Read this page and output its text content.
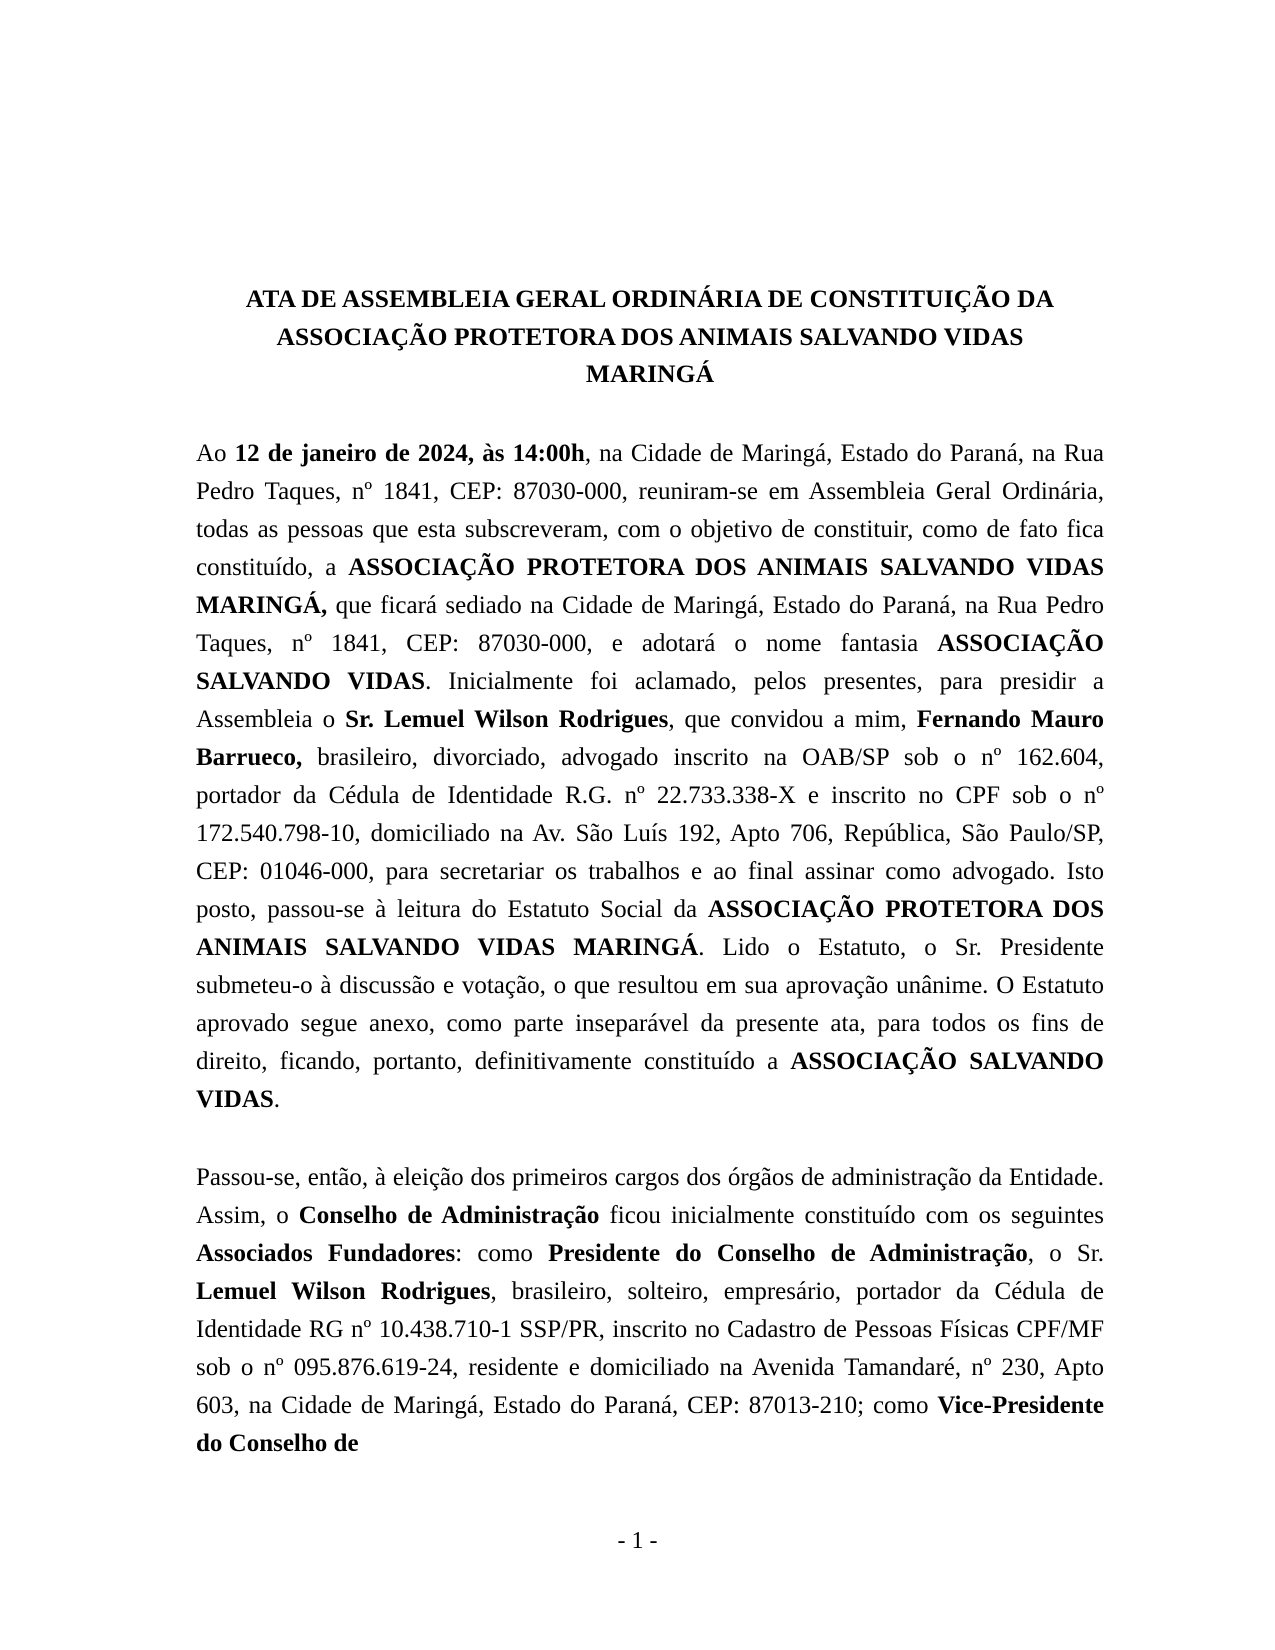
ATA DE ASSEMBLEIA GERAL ORDINÁRIA DE CONSTITUIÇÃO DA
ASSOCIAÇÃO PROTETORA DOS ANIMAIS SALVANDO VIDAS
MARINGÁ

Ao 12 de janeiro de 2024, às 14:00h, na Cidade de Maringá, Estado do Paraná, na Rua Pedro Taques, nº 1841, CEP: 87030-000, reuniram-se em Assembleia Geral Ordinária, todas as pessoas que esta subscreveram, com o objetivo de constituir, como de fato fica constituído, a ASSOCIAÇÃO PROTETORA DOS ANIMAIS SALVANDO VIDAS MARINGÁ, que ficará sediado na Cidade de Maringá, Estado do Paraná, na Rua Pedro Taques, nº 1841, CEP: 87030-000, e adotará o nome fantasia ASSOCIAÇÃO SALVANDO VIDAS. Inicialmente foi aclamado, pelos presentes, para presidir a Assembleia o Sr. Lemuel Wilson Rodrigues, que convidou a mim, Fernando Mauro Barrueco, brasileiro, divorciado, advogado inscrito na OAB/SP sob o nº 162.604, portador da Cédula de Identidade R.G. nº 22.733.338-X e inscrito no CPF sob o nº 172.540.798-10, domiciliado na Av. São Luís 192, Apto 706, República, São Paulo/SP, CEP: 01046-000, para secretariar os trabalhos e ao final assinar como advogado. Isto posto, passou-se à leitura do Estatuto Social da ASSOCIAÇÃO PROTETORA DOS ANIMAIS SALVANDO VIDAS MARINGÁ. Lido o Estatuto, o Sr. Presidente submeteu-o à discussão e votação, o que resultou em sua aprovação unânime. O Estatuto aprovado segue anexo, como parte inseparável da presente ata, para todos os fins de direito, ficando, portanto, definitivamente constituído a ASSOCIAÇÃO SALVANDO VIDAS.

Passou-se, então, à eleição dos primeiros cargos dos órgãos de administração da Entidade. Assim, o Conselho de Administração ficou inicialmente constituído com os seguintes Associados Fundadores: como Presidente do Conselho de Administração, o Sr. Lemuel Wilson Rodrigues, brasileiro, solteiro, empresário, portador da Cédula de Identidade RG nº 10.438.710-1 SSP/PR, inscrito no Cadastro de Pessoas Físicas CPF/MF sob o nº 095.876.619-24, residente e domiciliado na Avenida Tamandaré, nº 230, Apto 603, na Cidade de Maringá, Estado do Paraná, CEP: 87013-210; como Vice-Presidente do Conselho de

- 1 -
